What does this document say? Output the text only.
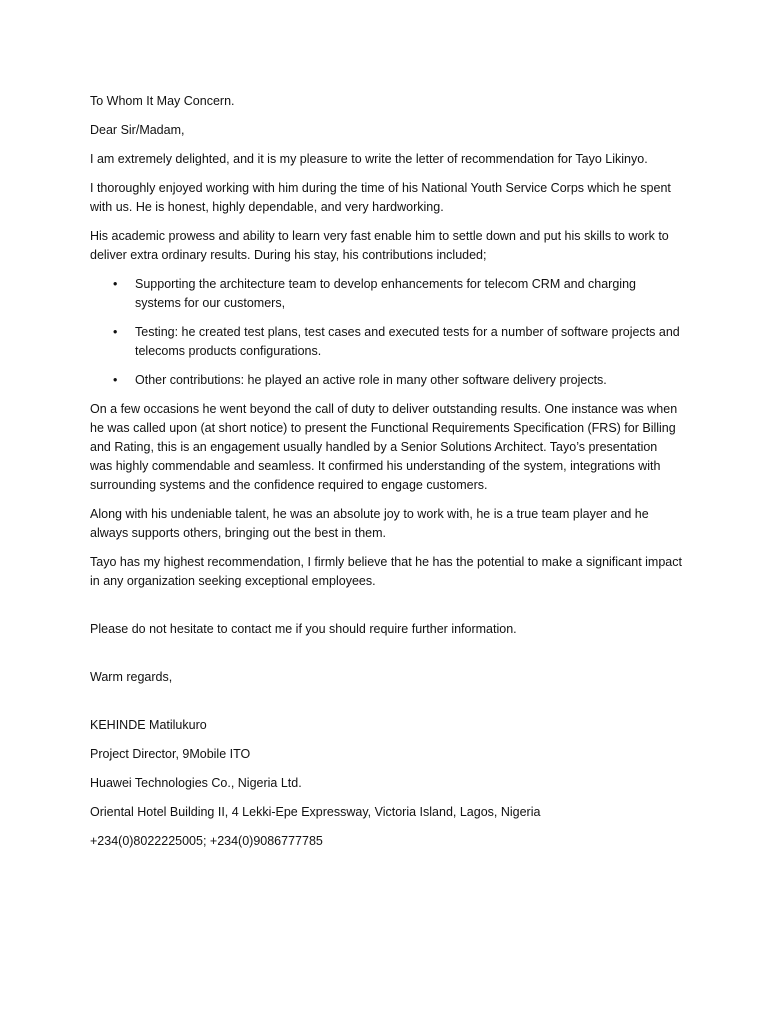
To Whom It May Concern.

Dear Sir/Madam,

I am extremely delighted, and it is my pleasure to write the letter of recommendation for Tayo Likinyo.

I thoroughly enjoyed working with him during the time of his National Youth Service Corps which he spent with us. He is honest, highly dependable, and very hardworking.

His academic prowess and ability to learn very fast enable him to settle down and put his skills to work to deliver extra ordinary results. During his stay, his contributions included;

• Supporting the architecture team to develop enhancements for telecom CRM and charging systems for our customers,
• Testing: he created test plans, test cases and executed tests for a number of software projects and telecoms products configurations.
• Other contributions: he played an active role in many other software delivery projects.

On a few occasions he went beyond the call of duty to deliver outstanding results. One instance was when he was called upon (at short notice) to present the Functional Requirements Specification (FRS) for Billing and Rating, this is an engagement usually handled by a Senior Solutions Architect. Tayo’s presentation was highly commendable and seamless. It confirmed his understanding of the system, integrations with surrounding systems and the confidence required to engage customers.

Along with his undeniable talent, he was an absolute joy to work with, he is a true team player and he always supports others, bringing out the best in them.

Tayo has my highest recommendation, I firmly believe that he has the potential to make a significant impact in any organization seeking exceptional employees.

Please do not hesitate to contact me if you should require further information.

Warm regards,

KEHINDE Matilukuro

Project Director, 9Mobile ITO

Huawei Technologies Co., Nigeria Ltd.

Oriental Hotel Building II, 4 Lekki-Epe Expressway, Victoria Island, Lagos, Nigeria

+234(0)8022225005; +234(0)9086777785
